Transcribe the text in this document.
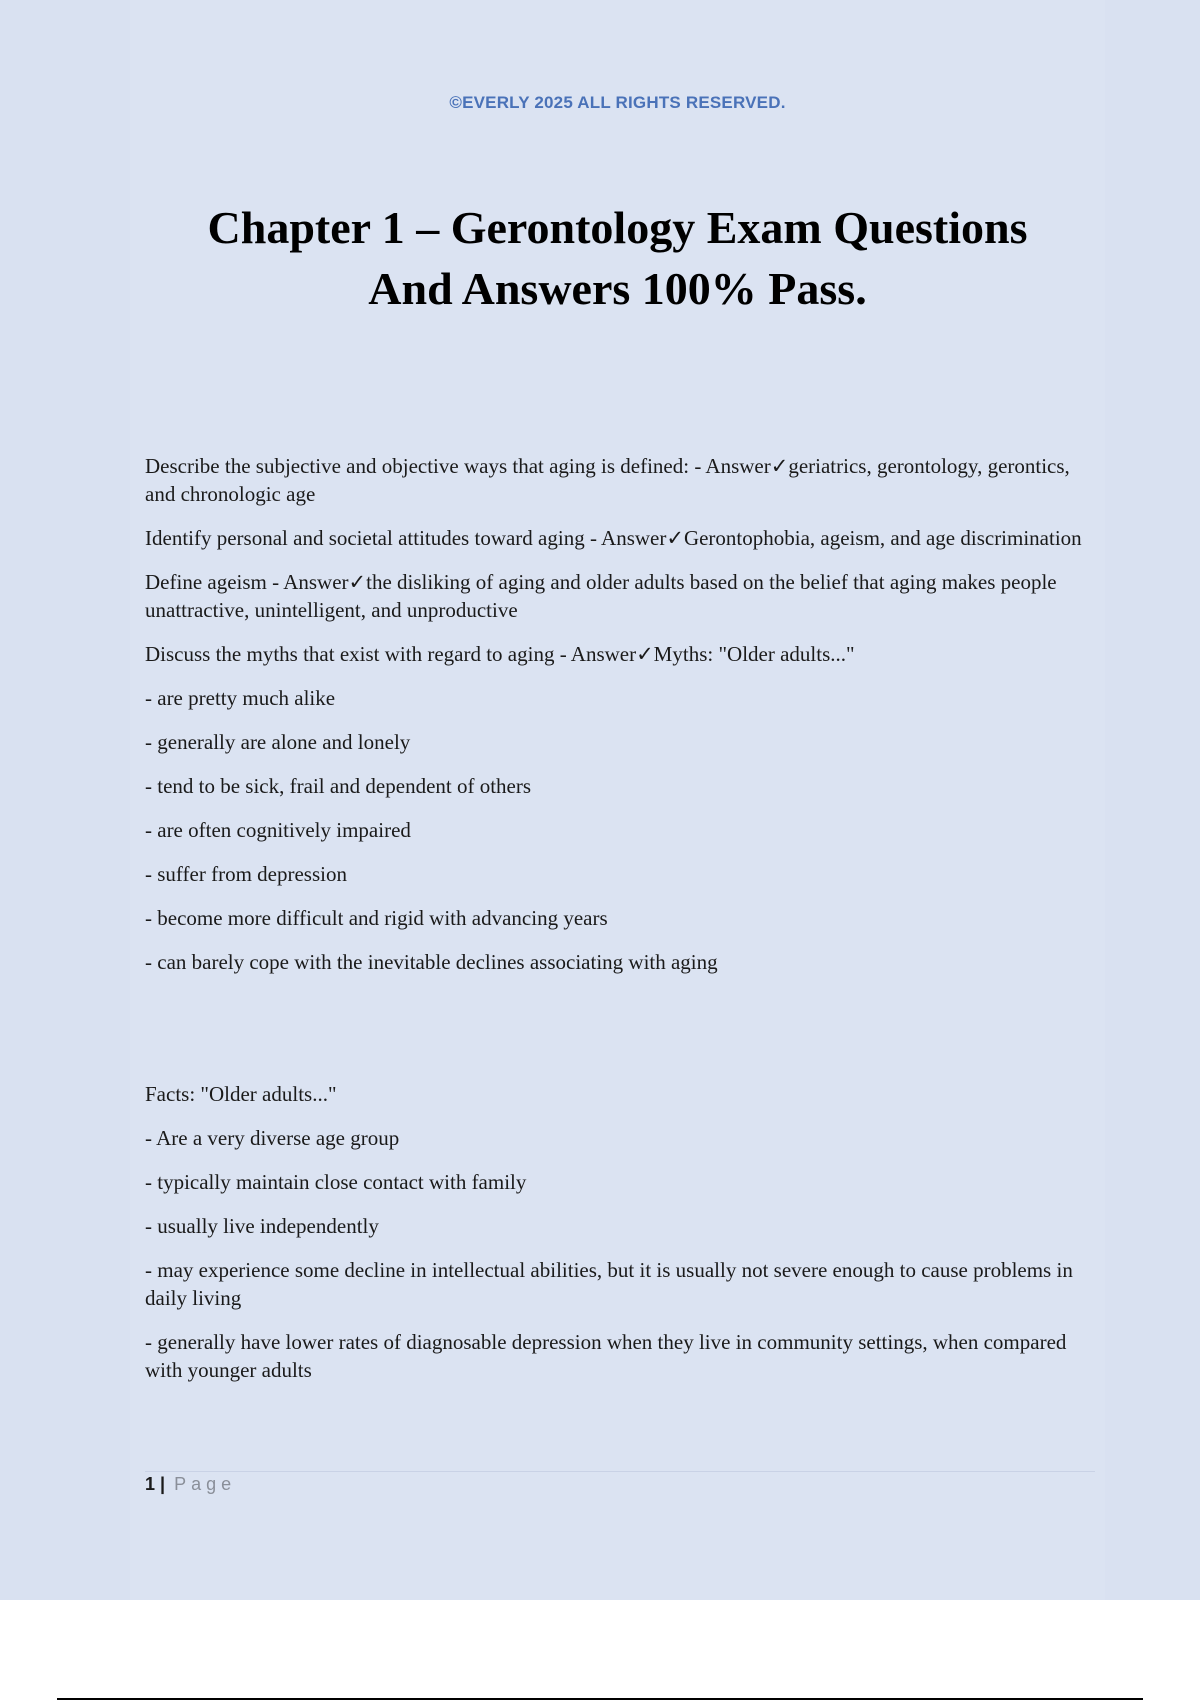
©EVERLY 2025 ALL RIGHTS RESERVED.
Chapter 1 – Gerontology Exam Questions
And Answers 100% Pass.

Describe the subjective and objective ways that aging is defined: - Answer✓geriatrics, gerontology, gerontics, and chronologic age

Identify personal and societal attitudes toward aging - Answer✓Gerontophobia, ageism, and age discrimination

Define ageism - Answer✓the disliking of aging and older adults based on the belief that aging makes people unattractive, unintelligent, and unproductive

Discuss the myths that exist with regard to aging - Answer✓Myths: "Older adults..."

- are pretty much alike

- generally are alone and lonely

- tend to be sick, frail and dependent of others

- are often cognitively impaired

- suffer from depression

- become more difficult and rigid with advancing years

- can barely cope with the inevitable declines associating with aging

Facts: "Older adults..."

- Are a very diverse age group

- typically maintain close contact with family

- usually live independently

- may experience some decline in intellectual abilities, but it is usually not severe enough to cause problems in daily living

- generally have lower rates of diagnosable depression when they live in community settings, when compared with younger adults

1 | Page
